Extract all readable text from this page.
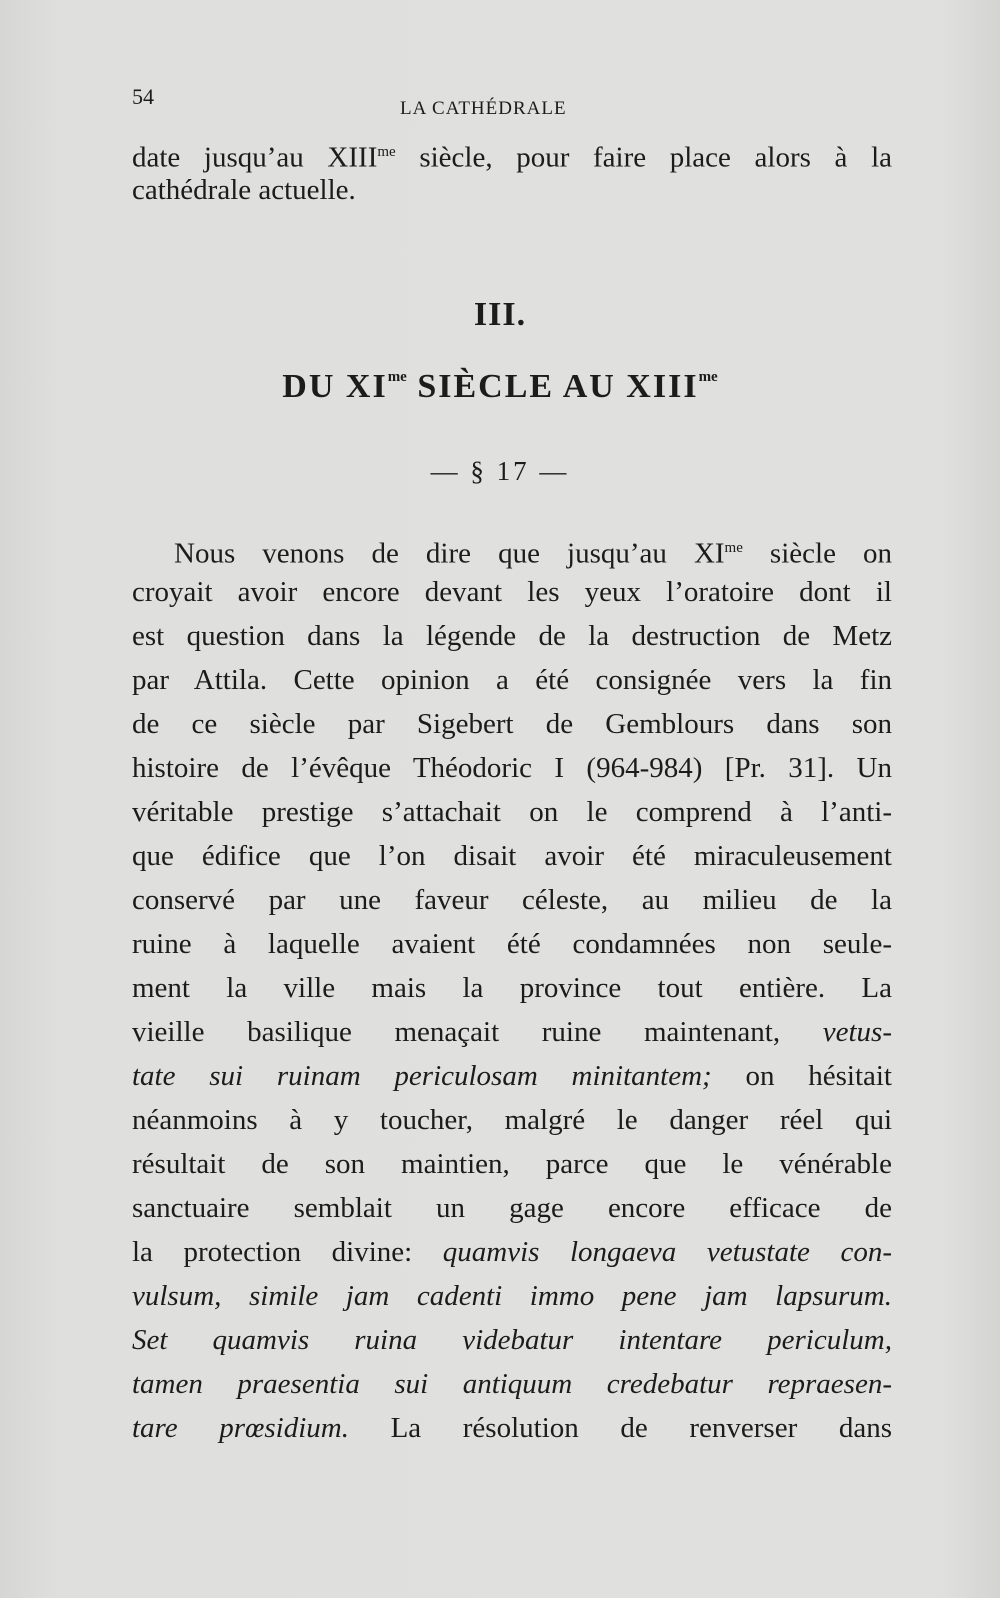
54	LA CATHÉDRALE
date jusqu’au $XIII^{me}$ siècle, pour faire place alors à la
cathédrale actuelle.
III.
DU $XI^{me}$ SIÈCLE AU $XIII^{me}$
— § 17 —
Nous venons de dire que jusqu’au $XI^{me}$ siècle on
croyait avoir encore devant les yeux l’oratoire dont il
est question dans la légende de la destruction de Metz
par Attila. Cette opinion a été consignée vers la fin
de ce siècle par Sigebert de Gemblours dans son
histoire de l’évêque Théodoric I (964-984) [Pr. 31]. Un
véritable prestige s’attachait on le comprend à l’anti-
que édifice que l’on disait avoir été miraculeusement
conservé par une faveur céleste, au milieu de la
ruine à laquelle avaient été condamnées non seule-
ment la ville mais la province tout entière. La
vieille basilique menaçait ruine maintenant, vetus-
tate sui ruinam periculosam minitantem; on hésitait
néanmoins à y toucher, malgré le danger réel qui
résultait de son maintien, parce que le vénérable
sanctuaire semblait un gage encore efficace de
la protection divine: quamvis longaeva vetustate con-
vulsum, simile jam cadenti immo pene jam lapsurum.
Set quamvis ruina videbatur intentare periculum,
tamen praesentia sui antiquum credebatur repraesen-
tare prœsidium. La résolution de renverser dans
